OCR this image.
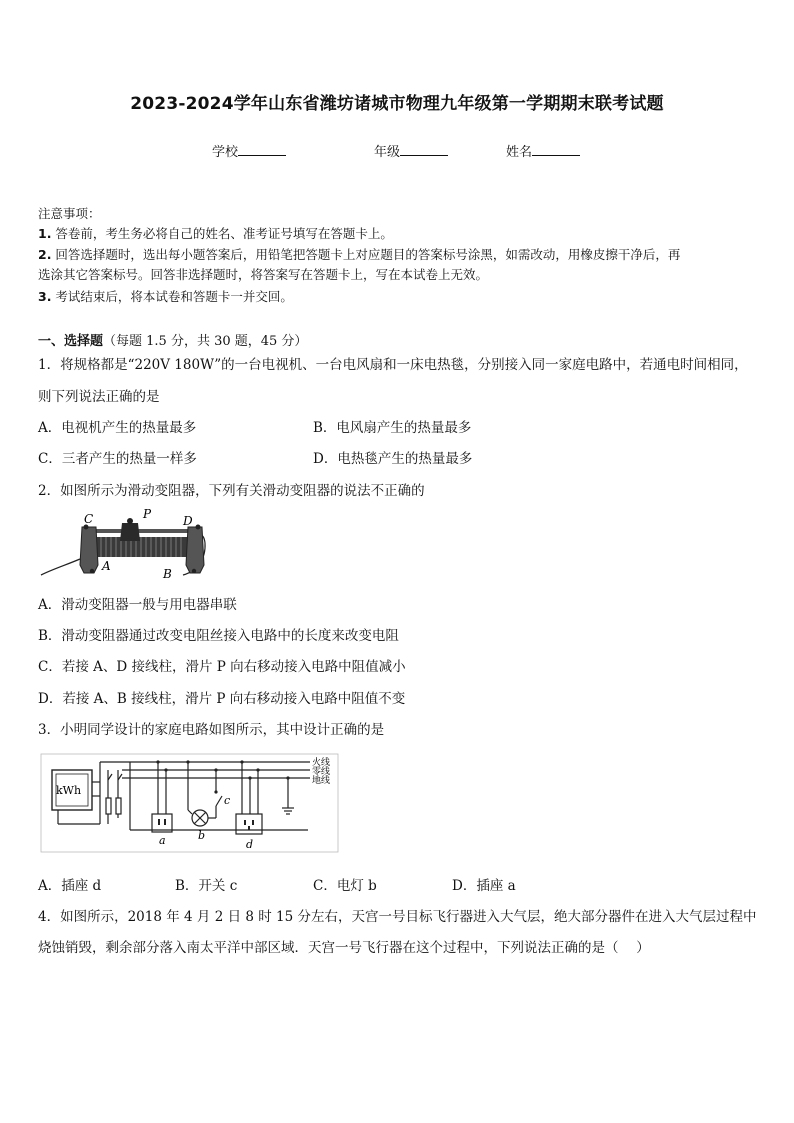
2023-2024学年山东省潍坊诸城市物理九年级第一学期期末联考试题
学校	年级	姓名
注意事项：
1. 答卷前，考生务必将自己的姓名、准考证号填写在答题卡上。
2. 回答选择题时，选出每小题答案后，用铅笔把答题卡上对应题目的答案标号涂黑，如需改动，用橡皮擦干净后，再
选涂其它答案标号。回答非选择题时，将答案写在答题卡上，写在本试卷上无效。
3. 考试结束后，将本试卷和答题卡一并交回。
一、选择题（每题 1.5 分，共 30 题，45 分）
1．将规格都是“220V 180W”的一台电视机、一台电风扇和一床电热毯，分别接入同一家庭电路中，若通电时间相同，
则下列说法正确的是
A．电视机产生的热量最多	B．电风扇产生的热量最多
C．三者产生的热量一样多	D．电热毯产生的热量最多
2．如图所示为滑动变阻器，下列有关滑动变阻器的说法不正确的
C	P	D
A
B
A．滑动变阻器一般与用电器串联
B．滑动变阻器通过改变电阻丝接入电路中的长度来改变电阻
C．若接 A、D 接线柱，滑片 P 向右移动接入电路中阻值减小
D．若接 A、B 接线柱，滑片 P 向右移动接入电路中阻值不变
3．小明同学设计的家庭电路如图所示，其中设计正确的是
kWh
火线
零线
地线
a	b
c
d
A．插座 d	B．开关 c	C．电灯 b	D．插座 a
4．如图所示，2018 年 4 月 2 日 8 时 15 分左右，天宫一号目标飞行器进入大气层，绝大部分器件在进入大气层过程中
烧蚀销毁，剩余部分落入南太平洋中部区域．天宫一号飞行器在这个过程中，下列说法正确的是（　 ）
